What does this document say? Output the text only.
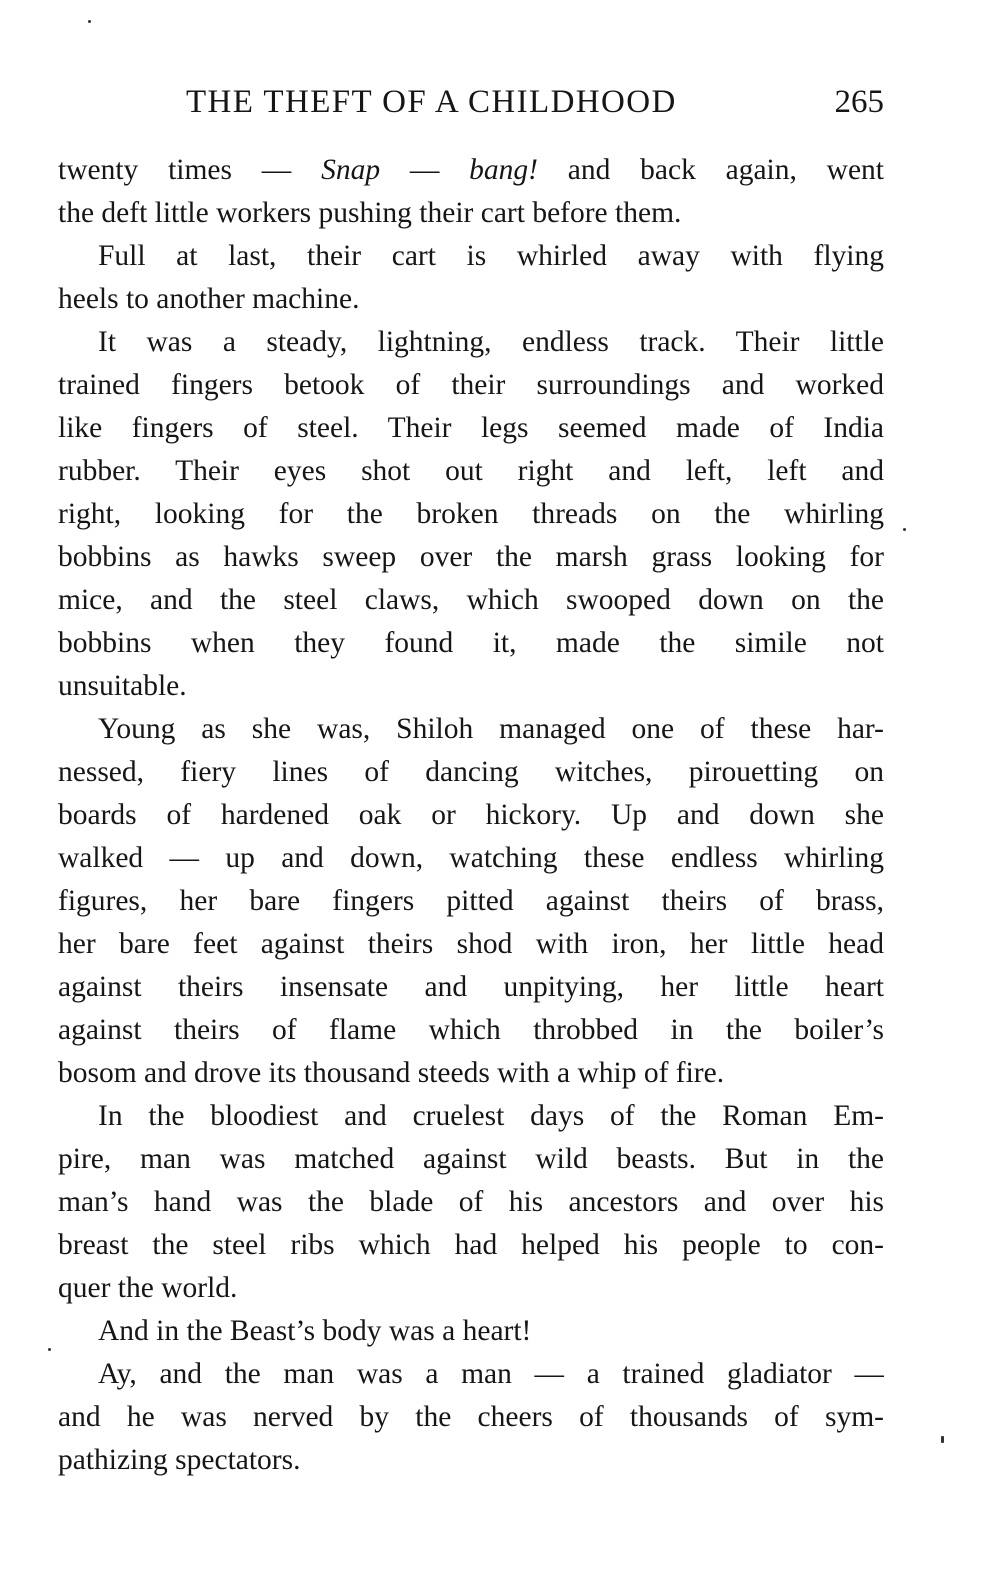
THE THEFT OF A CHILDHOOD	265
twenty times — Snap — bang! and back again, went
the deft little workers pushing their cart before them.
Full at last, their cart is whirled away with flying
heels to another machine.
It was a steady, lightning, endless track. Their little
trained fingers betook of their surroundings and worked
like fingers of steel. Their legs seemed made of India
rubber. Their eyes shot out right and left, left and
right, looking for the broken threads on the whirling
bobbins as hawks sweep over the marsh grass looking for
mice, and the steel claws, which swooped down on the
bobbins when they found it, made the simile not
unsuitable.
Young as she was, Shiloh managed one of these har-
nessed, fiery lines of dancing witches, pirouetting on
boards of hardened oak or hickory. Up and down she
walked — up and down, watching these endless whirling
figures, her bare fingers pitted against theirs of brass,
her bare feet against theirs shod with iron, her little head
against theirs insensate and unpitying, her little heart
against theirs of flame which throbbed in the boiler’s
bosom and drove its thousand steeds with a whip of fire.
In the bloodiest and cruelest days of the Roman Em-
pire, man was matched against wild beasts. But in the
man’s hand was the blade of his ancestors and over his
breast the steel ribs which had helped his people to con-
quer the world.
And in the Beast’s body was a heart!
Ay, and the man was a man — a trained gladiator —
and he was nerved by the cheers of thousands of sym-
pathizing spectators.
